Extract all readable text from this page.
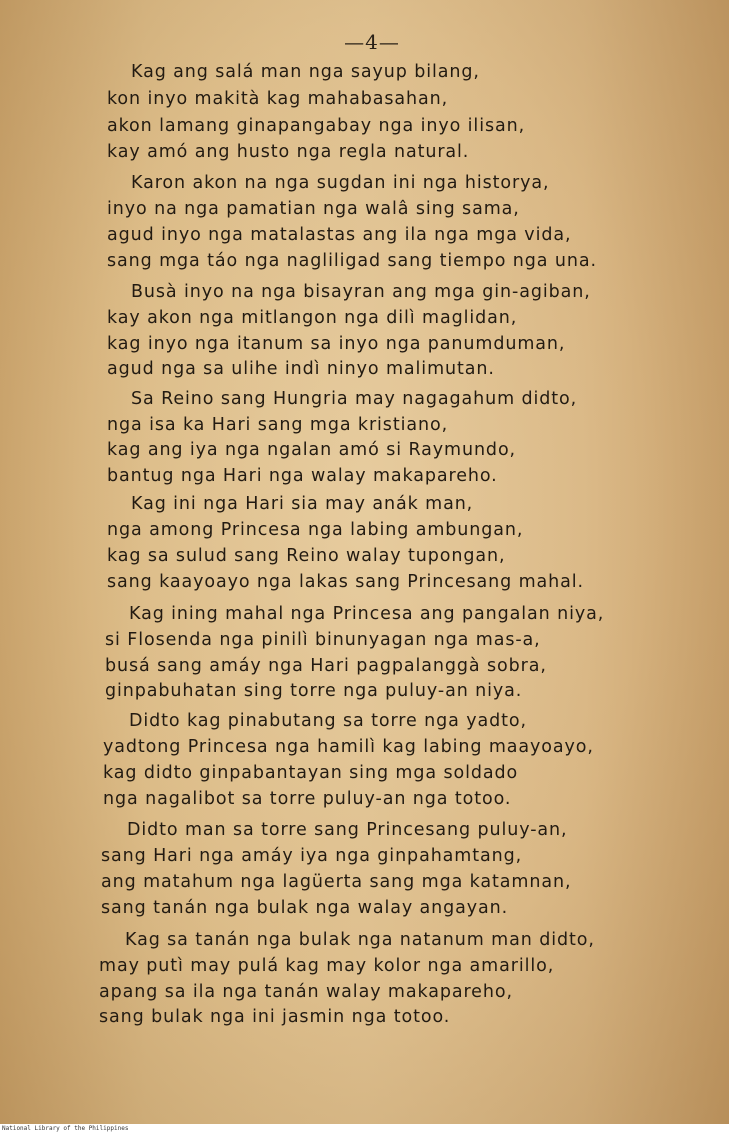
—4—
Kag ang salá man nga sayup bilang,
kon inyo makità kag mahabasahan,
akon lamang ginapangabay nga inyo ilisan,
kay amó ang husto nga regla natural.
Karon akon na nga sugdan ini nga historya,
inyo na nga pamatian nga walâ sing sama,
agud inyo nga matalastas ang ila nga mga vida,
sang mga táo nga nagliligad sang tiempo nga una.
Busà inyo na nga bisayran ang mga gin-agiban,
kay akon nga mitlangon nga dilì maglidan,
kag inyo nga itanum sa inyo nga panumduman,
agud nga sa ulihe indì ninyo malimutan.
Sa Reino sang Hungria may nagagahum didto,
nga isa ka Hari sang mga kristiano,
kag ang iya nga ngalan amó si Raymundo,
bantug nga Hari nga walay makapareho.
Kag ini nga Hari sia may anák man,
nga among Princesa nga labing ambungan,
kag sa sulud sang Reino walay tupongan,
sang kaayoayo nga lakas sang Princesang mahal.
Kag ining mahal nga Princesa ang pangalan niya,
si Flosenda nga pinilì binunyagan nga mas-a,
busá sang amáy nga Hari pagpalanggà sobra,
ginpabuhatan sing torre nga puluy-an niya.
Didto kag pinabutang sa torre nga yadto,
yadtong Princesa nga hamilì kag labing maayoayo,
kag didto ginpabantayan sing mga soldado
nga nagalibot sa torre puluy-an nga totoo.
Didto man sa torre sang Princesang puluy-an,
sang Hari nga amáy iya nga ginpahamtang,
ang matahum nga lagüerta sang mga katamnan,
sang tanán nga bulak nga walay angayan.
Kag sa tanán nga bulak nga natanum man didto,
may putì may pulá kag may kolor nga amarillo,
apang sa ila nga tanán walay makapareho,
sang bulak nga ini jasmin nga totoo.
National Library of the Philippines
